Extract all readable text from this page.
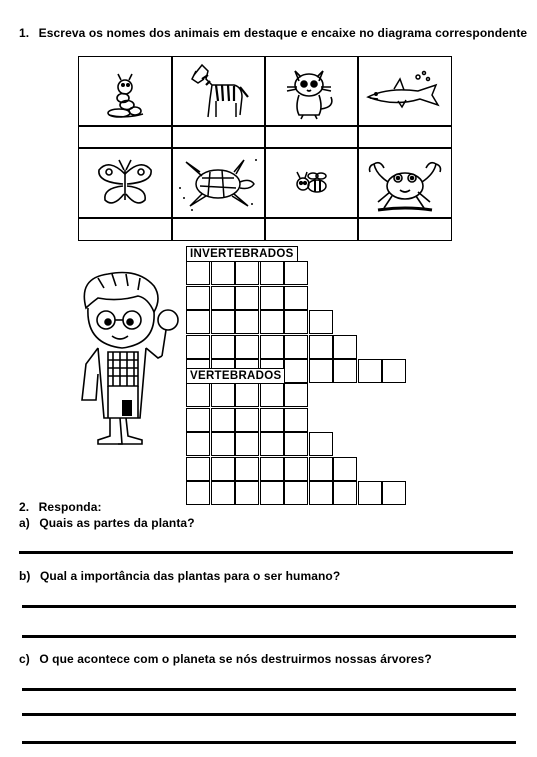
1. Escreva os nomes dos animais em destaque e encaixe no diagrama correspondente
INVERTEBRADOS
VERTEBRADOS
2. Responda:
a) Quais as partes da planta?
b) Qual a importância das plantas para o ser humano?
c) O que acontece com o planeta se nós destruirmos nossas árvores?
